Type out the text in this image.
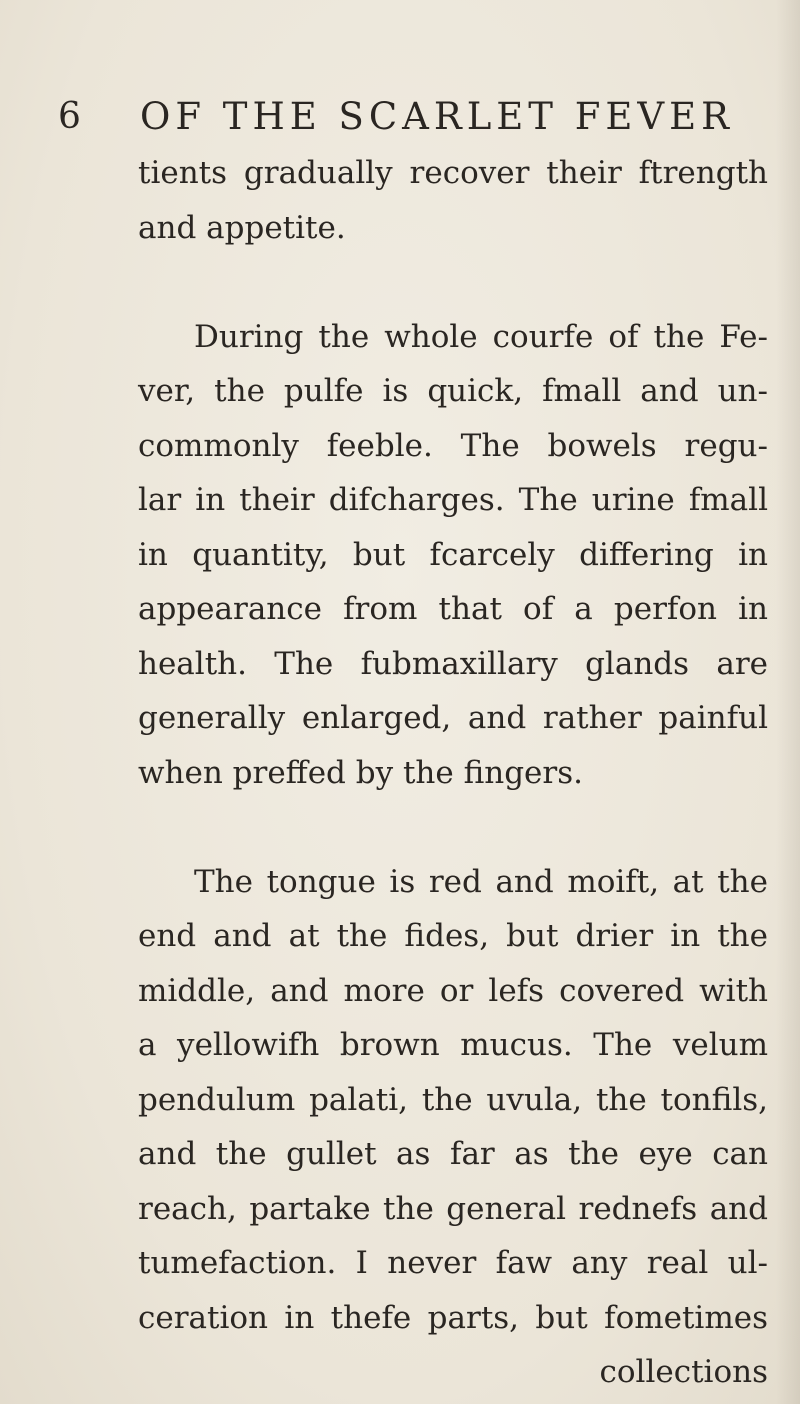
6 OF THE SCARLET FEVER

tients gradually recover their ftrength
and appetite.

During the whole courfe of the Fe-
ver, the pulfe is quick, fmall and un-
commonly feeble. The bowels regu-
lar in their difcharges. The urine fmall
in quantity, but fcarcely differing in
appearance from that of a perfon in
health. The fubmaxillary glands are
generally enlarged, and rather painful
when preffed by the fingers.

The tongue is red and moift, at the
end and at the fides, but drier in the
middle, and more or lefs covered with
a yellowifh brown mucus. The velum
pendulum palati, the uvula, the tonfils,
and the gullet as far as the eye can
reach, partake the general rednefs and
tumefaction. I never faw any real ul-
ceration in thefe parts, but fometimes

collections
